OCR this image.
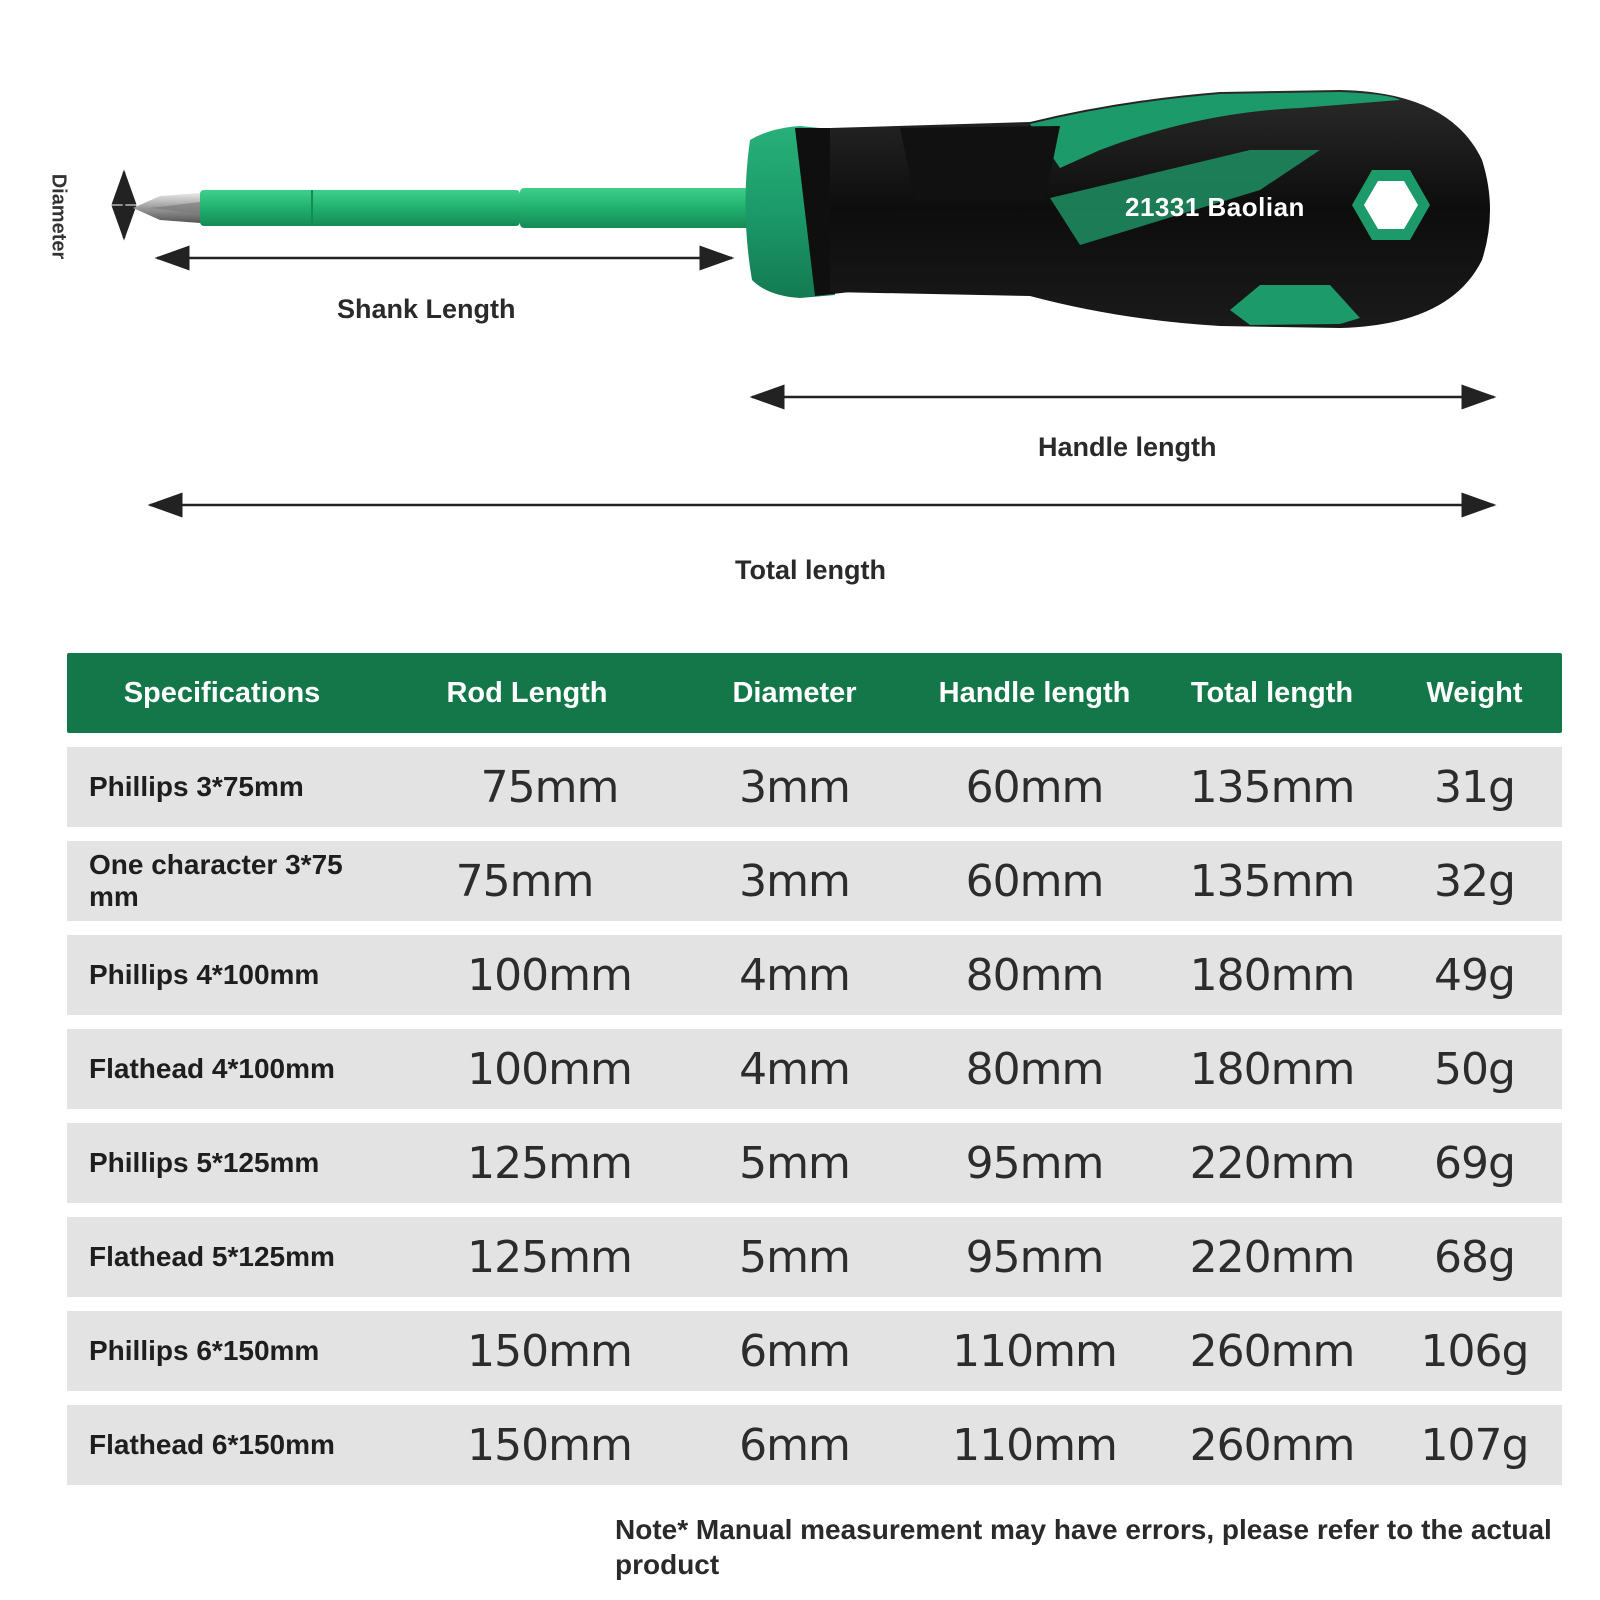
Diameter	21331 Baolian
Shank Length
Handle length
Total length
Specifications	Rod Length	Diameter	Handle length	Total length	Weight
Phillips 3*75mm	75mm	3mm	60mm	135mm	31g
One character 3*75 mm	75mm	3mm	60mm	135mm	32g
Phillips 4*100mm	100mm	4mm	80mm	180mm	49g
Flathead 4*100mm	100mm	4mm	80mm	180mm	50g
Phillips 5*125mm	125mm	5mm	95mm	220mm	69g
Flathead 5*125mm	125mm	5mm	95mm	220mm	68g
Phillips 6*150mm	150mm	6mm	110mm	260mm	106g
Flathead 6*150mm	150mm	6mm	110mm	260mm	107g
Note* Manual measurement may have errors, please refer to the actual product
